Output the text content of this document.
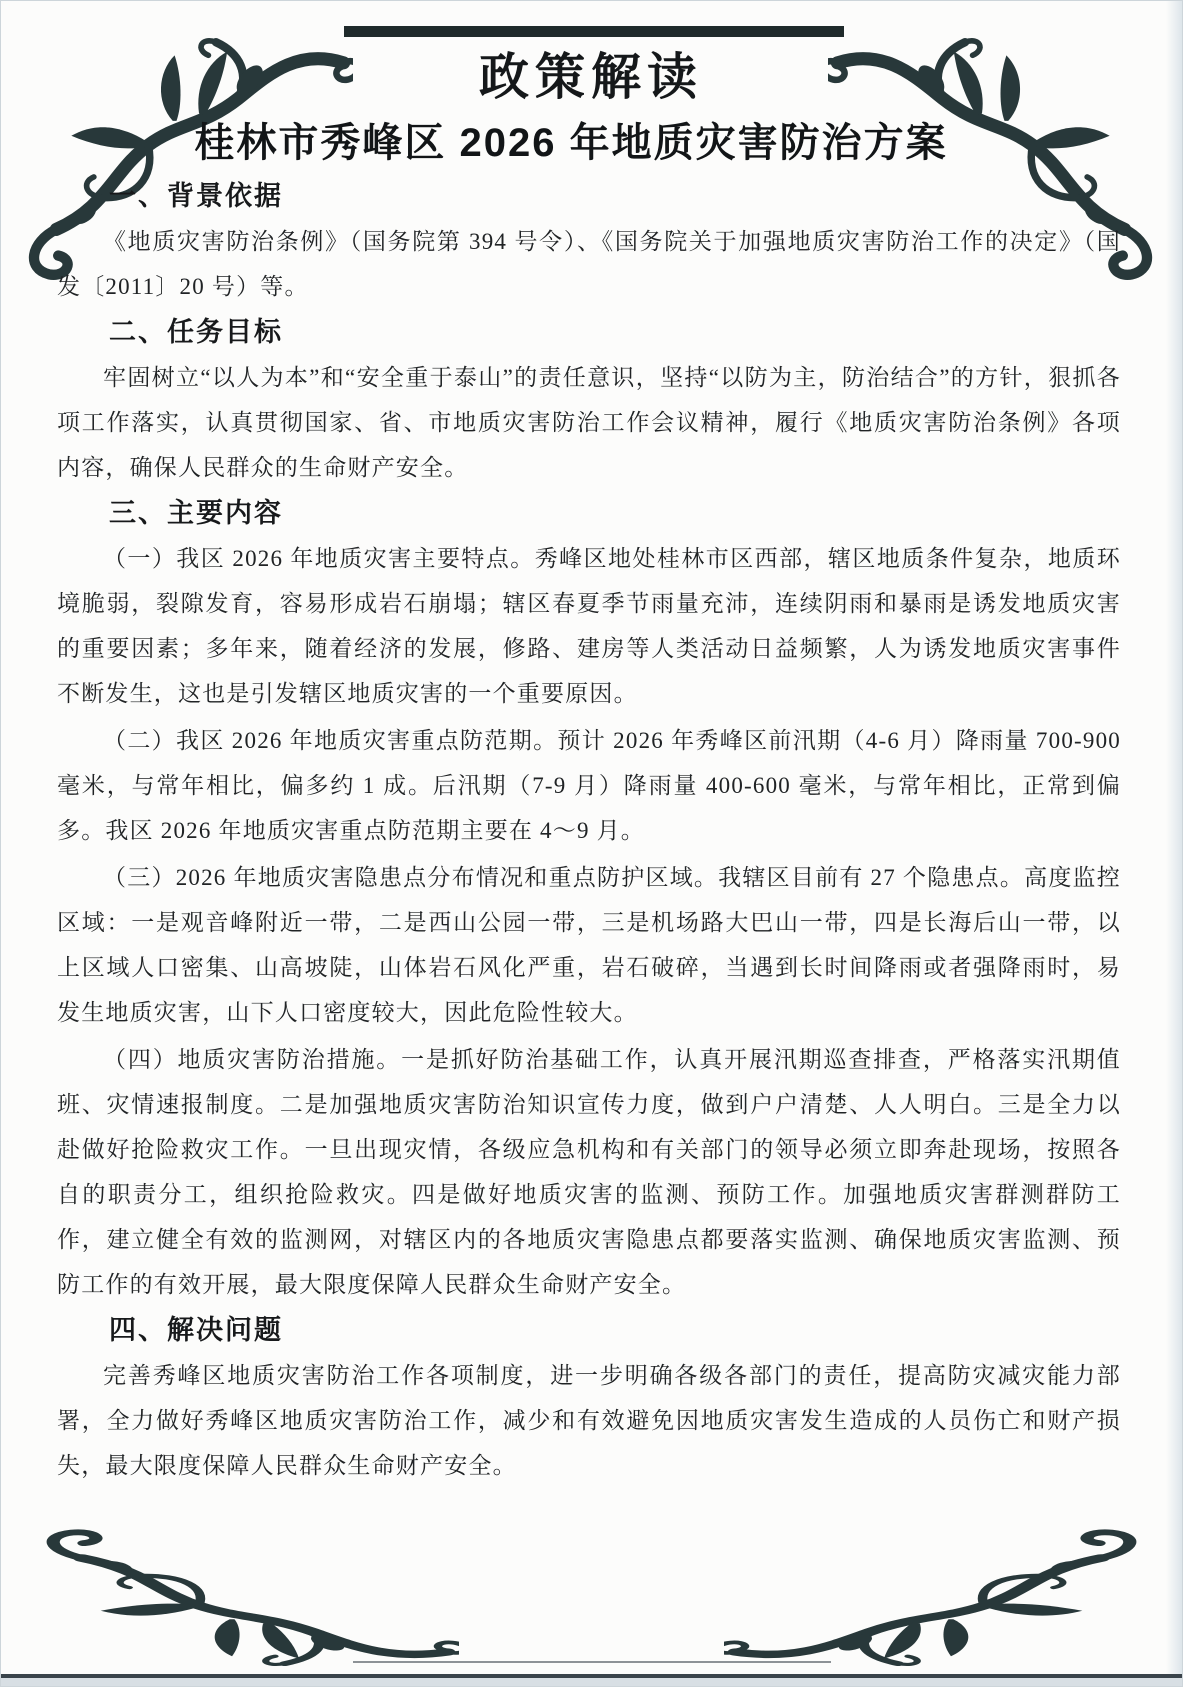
政策解读
桂林市秀峰区 2026 年地质灾害防治方案
一、背景依据

《地质灾害防治条例》（国务院第 394 号令）、《国务院关于加强地质灾害防治工作的决定》（国发〔2011〕20 号）等。

二、任务目标

牢固树立“以人为本”和“安全重于泰山”的责任意识，坚持“以防为主，防治结合”的方针，狠抓各项工作落实，认真贯彻国家、省、市地质灾害防治工作会议精神，履行《地质灾害防治条例》各项内容，确保人民群众的生命财产安全。

三、主要内容

（一）我区 2026 年地质灾害主要特点。秀峰区地处桂林市区西部，辖区地质条件复杂，地质环境脆弱，裂隙发育，容易形成岩石崩塌；辖区春夏季节雨量充沛，连续阴雨和暴雨是诱发地质灾害的重要因素；多年来，随着经济的发展，修路、建房等人类活动日益频繁，人为诱发地质灾害事件不断发生，这也是引发辖区地质灾害的一个重要原因。

（二）我区 2026 年地质灾害重点防范期。预计 2026 年秀峰区前汛期（4-6 月）降雨量 700-900 毫米，与常年相比，偏多约 1 成。后汛期（7-9 月）降雨量 400-600 毫米，与常年相比，正常到偏多。我区 2026 年地质灾害重点防范期主要在 4～9 月。

（三）2026 年地质灾害隐患点分布情况和重点防护区域。我辖区目前有 27 个隐患点。高度监控区域：一是观音峰附近一带，二是西山公园一带，三是机场路大巴山一带，四是长海后山一带，以上区域人口密集、山高坡陡，山体岩石风化严重，岩石破碎，当遇到长时间降雨或者强降雨时，易发生地质灾害，山下人口密度较大，因此危险性较大。

（四）地质灾害防治措施。一是抓好防治基础工作，认真开展汛期巡查排查，严格落实汛期值班、灾情速报制度。二是加强地质灾害防治知识宣传力度，做到户户清楚、人人明白。三是全力以赴做好抢险救灾工作。一旦出现灾情，各级应急机构和有关部门的领导必须立即奔赴现场，按照各自的职责分工，组织抢险救灾。四是做好地质灾害的监测、预防工作。加强地质灾害群测群防工作，建立健全有效的监测网，对辖区内的各地质灾害隐患点都要落实监测、确保地质灾害监测、预防工作的有效开展，最大限度保障人民群众生命财产安全。

四、解决问题

完善秀峰区地质灾害防治工作各项制度，进一步明确各级各部门的责任，提高防灾减灾能力部署，全力做好秀峰区地质灾害防治工作，减少和有效避免因地质灾害发生造成的人员伤亡和财产损失，最大限度保障人民群众生命财产安全。
